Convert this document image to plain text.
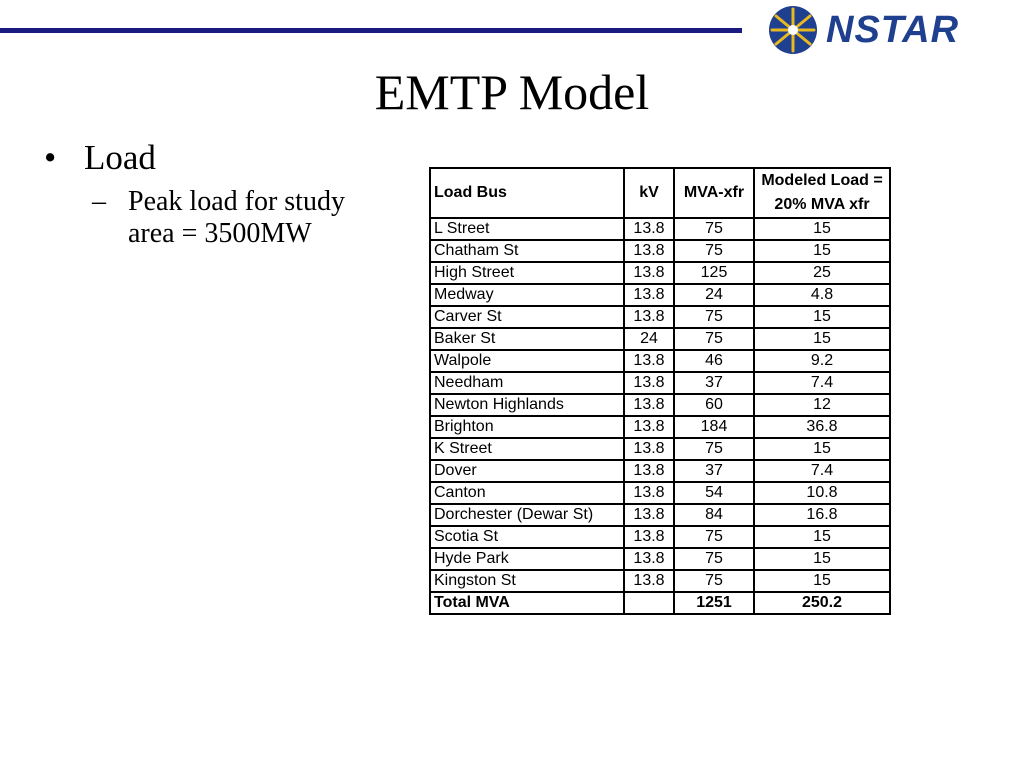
NSTAR
EMTP Model
• Load
– Peak load for study area = 3500MW
Load Bus	kV	MVA-xfr	Modeled Load = 20% MVA xfr
L Street	13.8	75	15
Chatham St	13.8	75	15
High Street	13.8	125	25
Medway	13.8	24	4.8
Carver St	13.8	75	15
Baker St	24	75	15
Walpole	13.8	46	9.2
Needham	13.8	37	7.4
Newton Highlands	13.8	60	12
Brighton	13.8	184	36.8
K Street	13.8	75	15
Dover	13.8	37	7.4
Canton	13.8	54	10.8
Dorchester (Dewar St)	13.8	84	16.8
Scotia St	13.8	75	15
Hyde Park	13.8	75	15
Kingston St	13.8	75	15
Total MVA		1251	250.2
